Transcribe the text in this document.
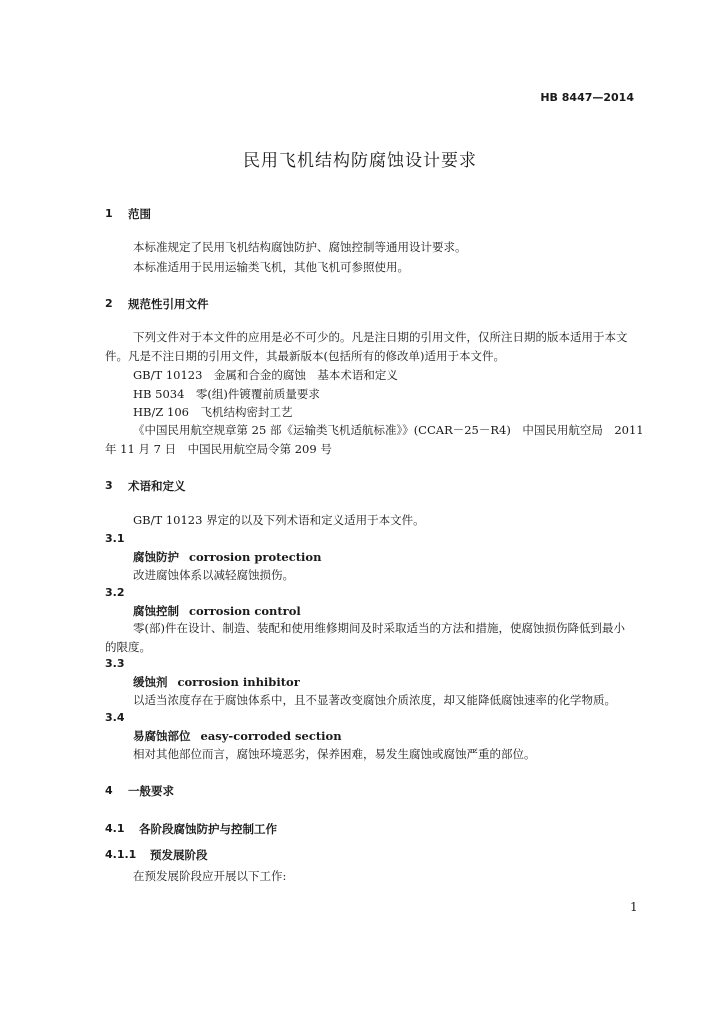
HB 8447—2014
民用飞机结构防腐蚀设计要求
1 范围
本标准规定了民用飞机结构腐蚀防护、腐蚀控制等通用设计要求。
本标准适用于民用运输类飞机，其他飞机可参照使用。
2 规范性引用文件
下列文件对于本文件的应用是必不可少的。凡是注日期的引用文件，仅所注日期的版本适用于本文
件。凡是不注日期的引用文件，其最新版本(包括所有的修改单)适用于本文件。
GB/T 10123　金属和合金的腐蚀　基本术语和定义
HB 5034　零(组)件镀覆前质量要求
HB/Z 106　飞机结构密封工艺
《中国民用航空规章第 25 部《运输类飞机适航标准》》(CCAR－25－R4)　中国民用航空局　2011
年 11 月 7 日　中国民用航空局令第 209 号
3 术语和定义
GB/T 10123 界定的以及下列术语和定义适用于本文件。
3.1
腐蚀防护 corrosion protection
改进腐蚀体系以减轻腐蚀损伤。
3.2
腐蚀控制 corrosion control
零(部)件在设计、制造、装配和使用维修期间及时采取适当的方法和措施，使腐蚀损伤降低到最小
的限度。
3.3
缓蚀剂 corrosion inhibitor
以适当浓度存在于腐蚀体系中，且不显著改变腐蚀介质浓度，却又能降低腐蚀速率的化学物质。
3.4
易腐蚀部位 easy-corroded section
相对其他部位而言，腐蚀环境恶劣，保养困难，易发生腐蚀或腐蚀严重的部位。
4 一般要求
4.1 各阶段腐蚀防护与控制工作
4.1.1 预发展阶段
在预发展阶段应开展以下工作:
1
